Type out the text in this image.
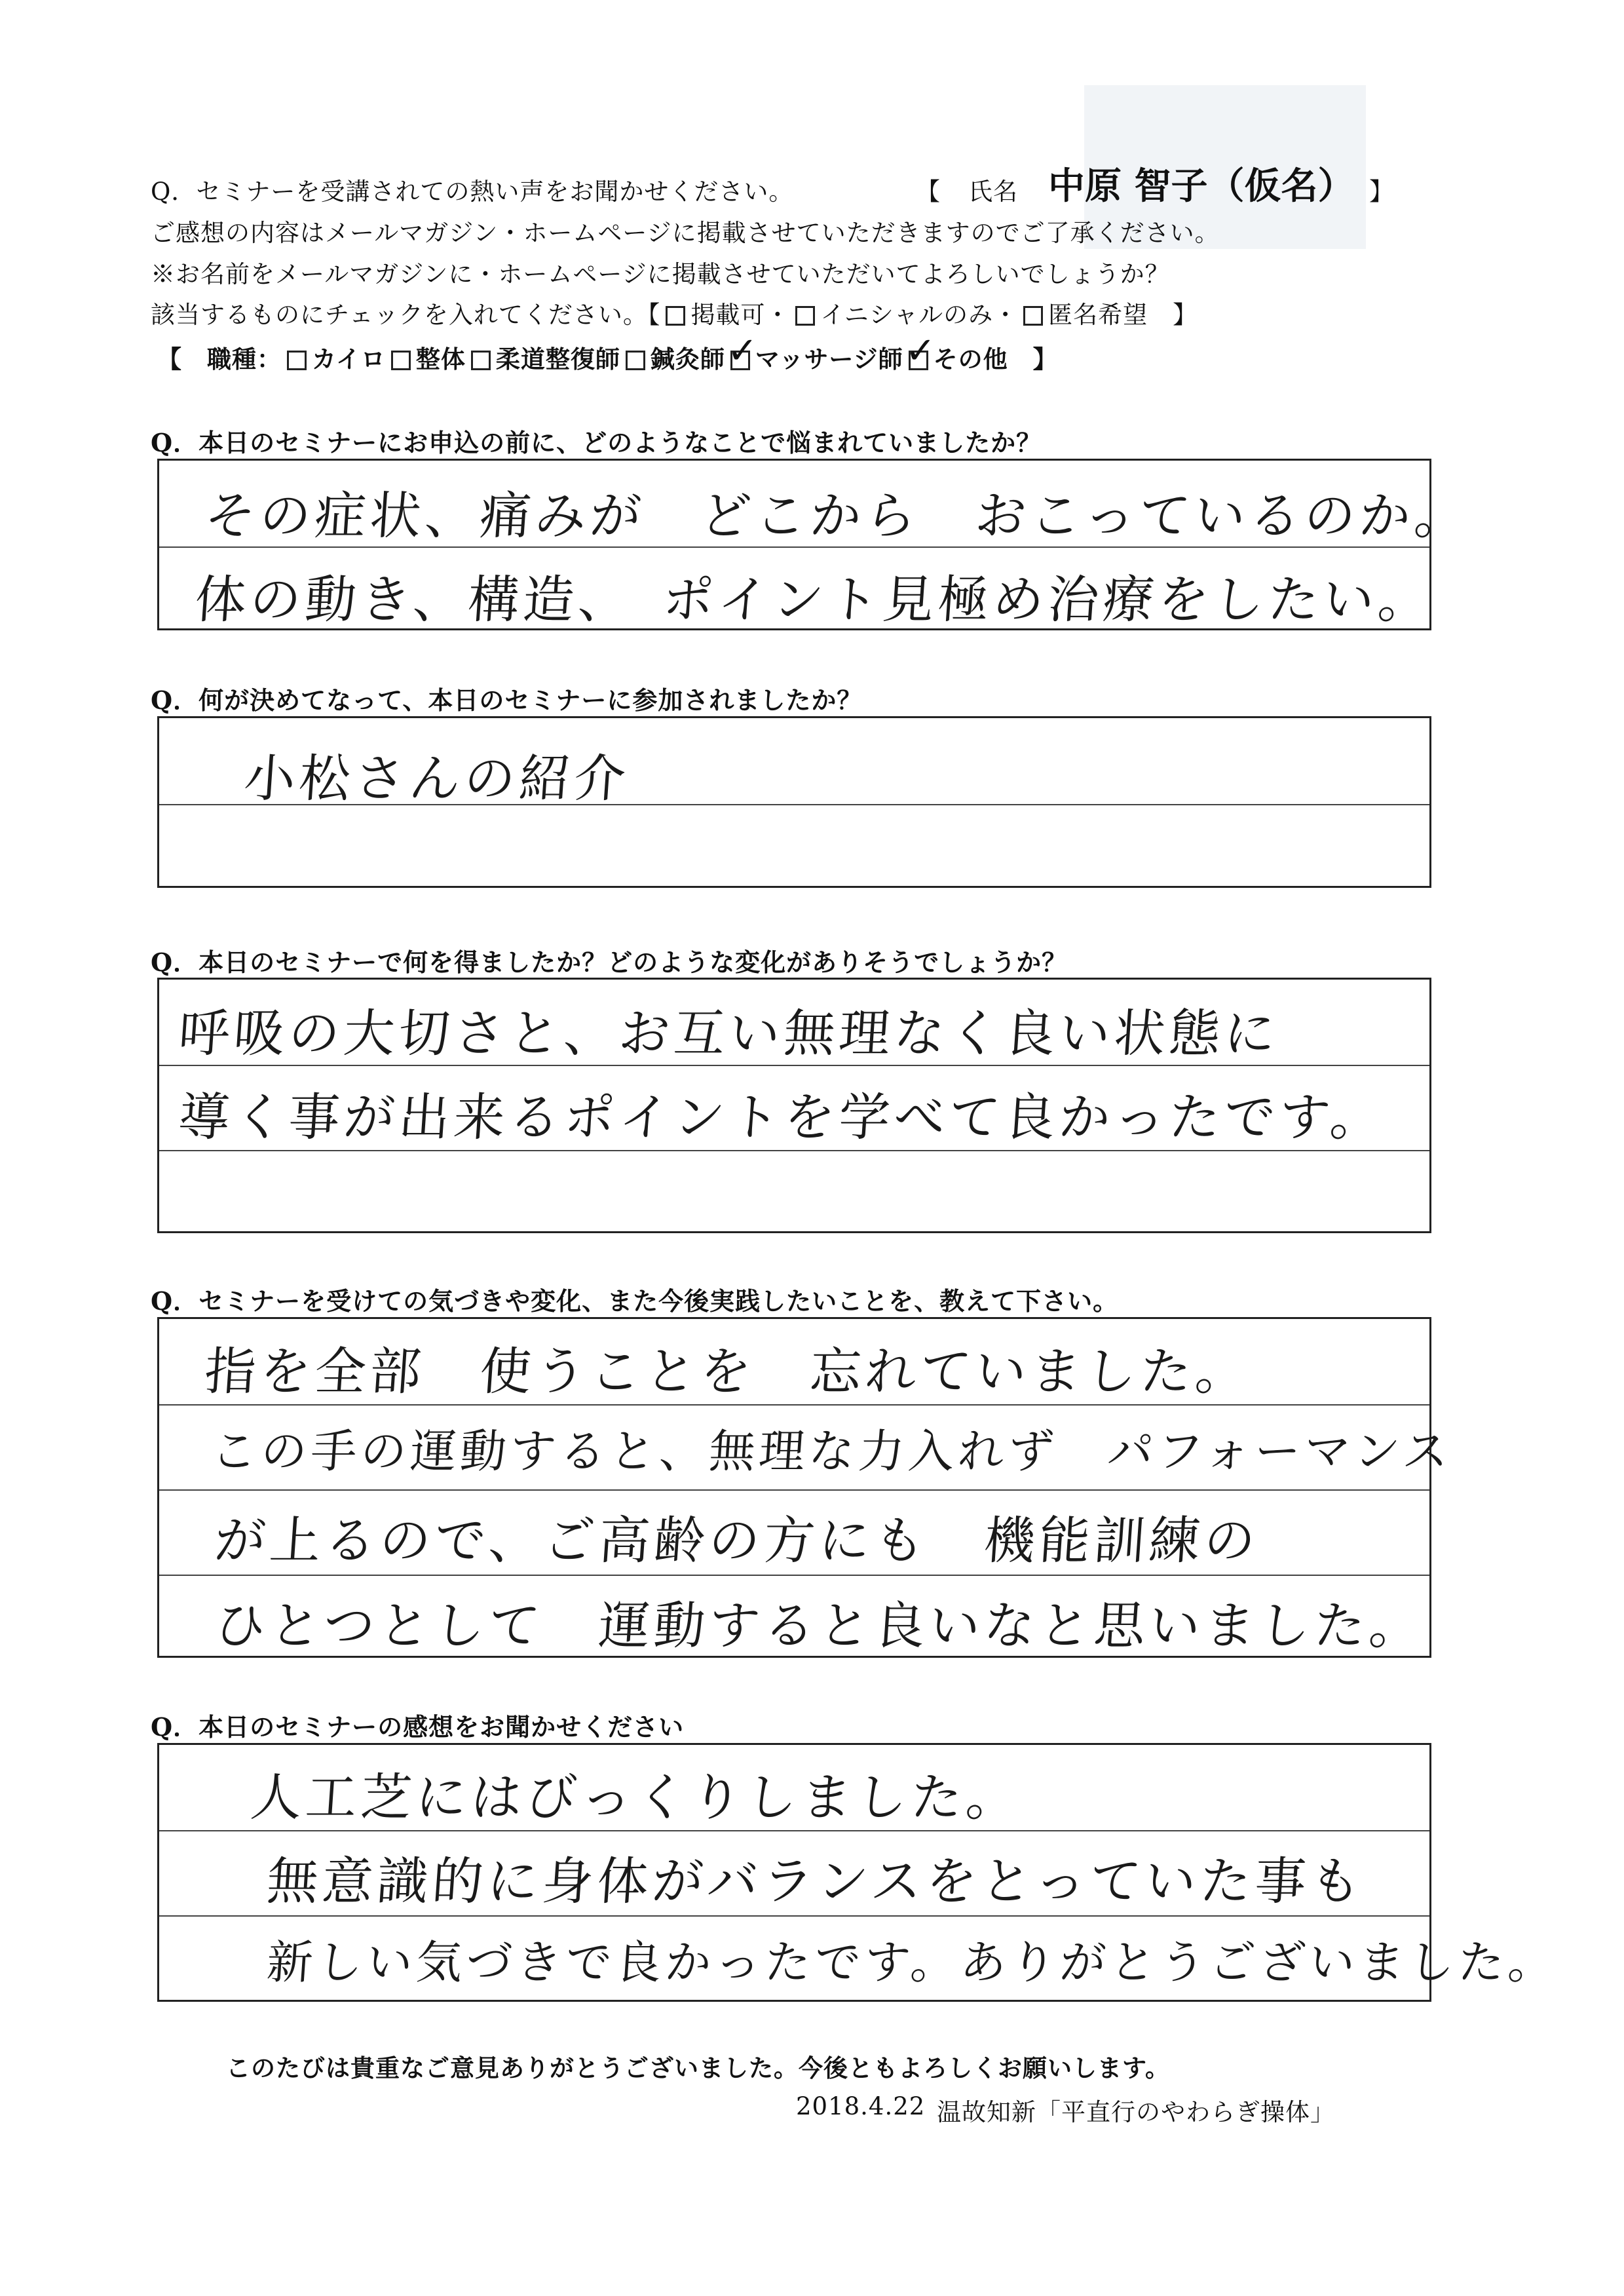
Q．セミナーを受講されての熱い声をお聞かせください。	【 氏名 中原 智子（仮名） 】
ご感想の内容はメールマガジン・ホームページに掲載させていただきますのでご了承ください。
※お名前をメールマガジンに・ホームページに掲載させていただいてよろしいでしょうか？
該当するものにチェックを入れてください。【 掲載可・ イニシャルのみ・ 匿名希望　 】
【　職種： カイロ 整体 柔道整復師 鍼灸師 ✓
マッサージ師 ✓
その他　 】
Q．本日のセミナーにお申込の前に、どのようなことで悩まれていましたか？
その症状、痛みが　どこから　おこっているのか。
体の動き、構造、　ポイント見極め治療をしたい。
Q．何が決めてなって、本日のセミナーに参加されましたか？
小松さんの紹介
Q．本日のセミナーで何を得ましたか？どのような変化がありそうでしょうか？
呼吸の大切さと、お互い無理なく良い状態に
導く事が出来るポイントを学べて良かったです。
Q．セミナーを受けての気づきや変化、また今後実践したいことを、教えて下さい。
指を全部　使うことを　忘れていました。
この手の運動すると、無理な力入れず　パフォーマンス
が上るので、ご高齢の方にも　機能訓練の
ひとつとして　運動すると良いなと思いました。
Q．本日のセミナーの感想をお聞かせください
人工芝にはびっくりしました。
無意識的に身体がバランスをとっていた事も
新しい気づきで良かったです。ありがとうございました。
このたびは貴重なご意見ありがとうございました。今後ともよろしくお願いします。
2018.4.22 温故知新「平直行のやわらぎ操体」
